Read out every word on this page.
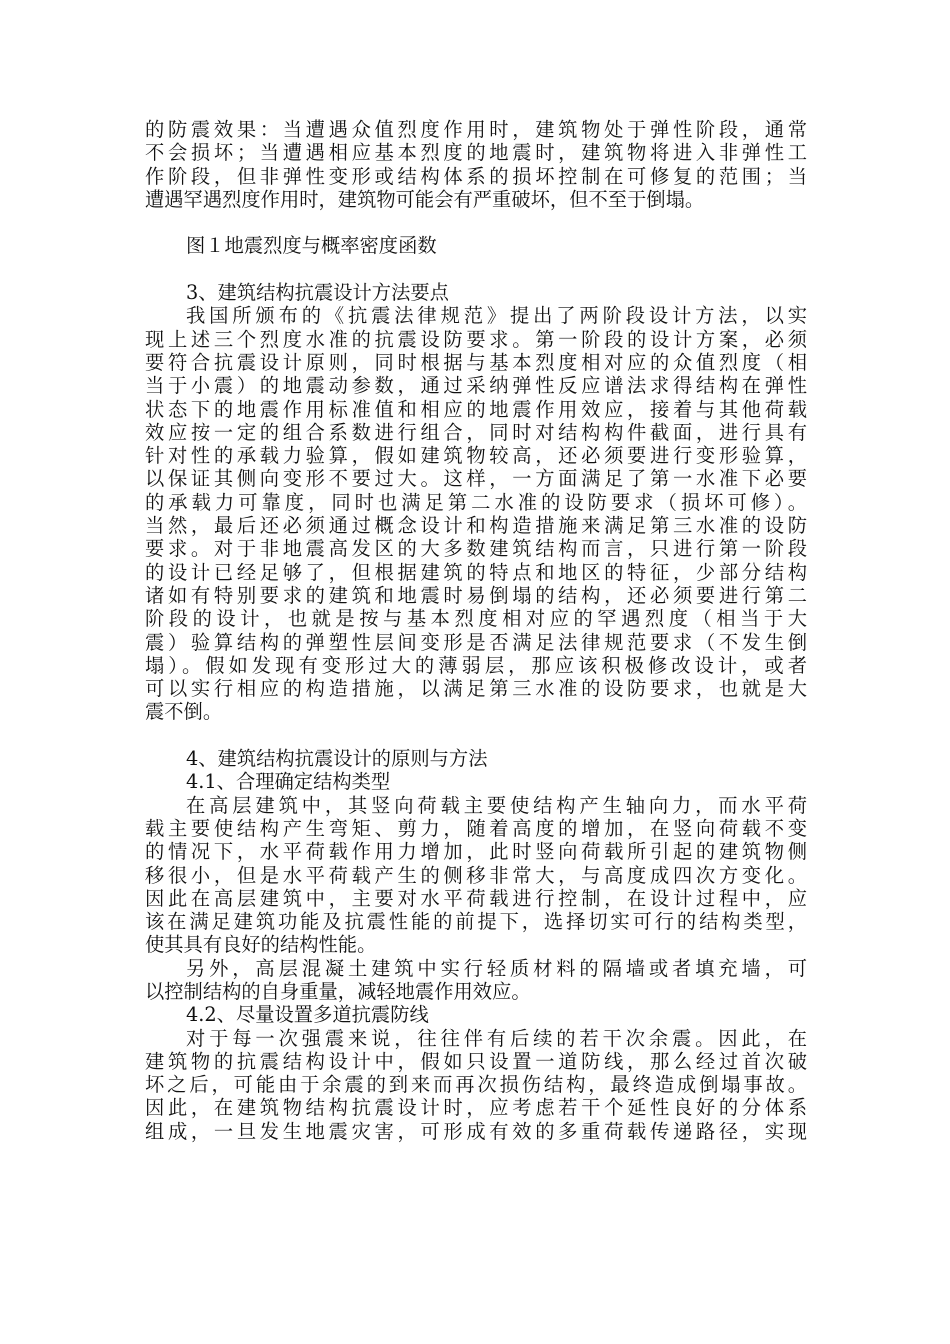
的防震效果：当遭遇众值烈度作用时，建筑物处于弹性阶段，通常
不会损坏；当遭遇相应基本烈度的地震时，建筑物将进入非弹性工
作阶段，但非弹性变形或结构体系的损坏控制在可修复的范围；当
遭遇罕遇烈度作用时，建筑物可能会有严重破坏，但不至于倒塌。
图１地震烈度与概率密度函数
3、建筑结构抗震设计方法要点
我国所颁布的《抗震法律规范》提出了两阶段设计方法，以实
现上述三个烈度水准的抗震设防要求。第一阶段的设计方案，必须
要符合抗震设计原则，同时根据与基本烈度相对应的众值烈度（相
当于小震）的地震动参数，通过采纳弹性反应谱法求得结构在弹性
状态下的地震作用标准值和相应的地震作用效应，接着与其他荷载
效应按一定的组合系数进行组合，同时对结构构件截面，进行具有
针对性的承载力验算，假如建筑物较高，还必须要进行变形验算，
以保证其侧向变形不要过大。这样，一方面满足了第一水准下必要
的承载力可靠度，同时也满足第二水准的设防要求（损坏可修）。
当然，最后还必须通过概念设计和构造措施来满足第三水准的设防
要求。对于非地震高发区的大多数建筑结构而言，只进行第一阶段
的设计已经足够了，但根据建筑的特点和地区的特征，少部分结构
诸如有特别要求的建筑和地震时易倒塌的结构，还必须要进行第二
阶段的设计，也就是按与基本烈度相对应的罕遇烈度（相当于大
震）验算结构的弹塑性层间变形是否满足法律规范要求（不发生倒
塌）。假如发现有变形过大的薄弱层，那应该积极修改设计，或者
可以实行相应的构造措施，以满足第三水准的设防要求，也就是大
震不倒。
4、建筑结构抗震设计的原则与方法
4.1、合理确定结构类型
在高层建筑中，其竖向荷载主要使结构产生轴向力，而水平荷
载主要使结构产生弯矩、剪力，随着高度的增加，在竖向荷载不变
的情况下，水平荷载作用力增加，此时竖向荷载所引起的建筑物侧
移很小，但是水平荷载产生的侧移非常大，与高度成四次方变化。
因此在高层建筑中，主要对水平荷载进行控制，在设计过程中，应
该在满足建筑功能及抗震性能的前提下，选择切实可行的结构类型，
使其具有良好的结构性能。
另外，高层混凝土建筑中实行轻质材料的隔墙或者填充墙，可
以控制结构的自身重量，减轻地震作用效应。
4.2、尽量设置多道抗震防线
对于每一次强震来说，往往伴有后续的若干次余震。因此，在
建筑物的抗震结构设计中，假如只设置一道防线，那么经过首次破
坏之后，可能由于余震的到来而再次损伤结构，最终造成倒塌事故。
因此，在建筑物结构抗震设计时，应考虑若干个延性良好的分体系
组成，一旦发生地震灾害，可形成有效的多重荷载传递路径，实现
